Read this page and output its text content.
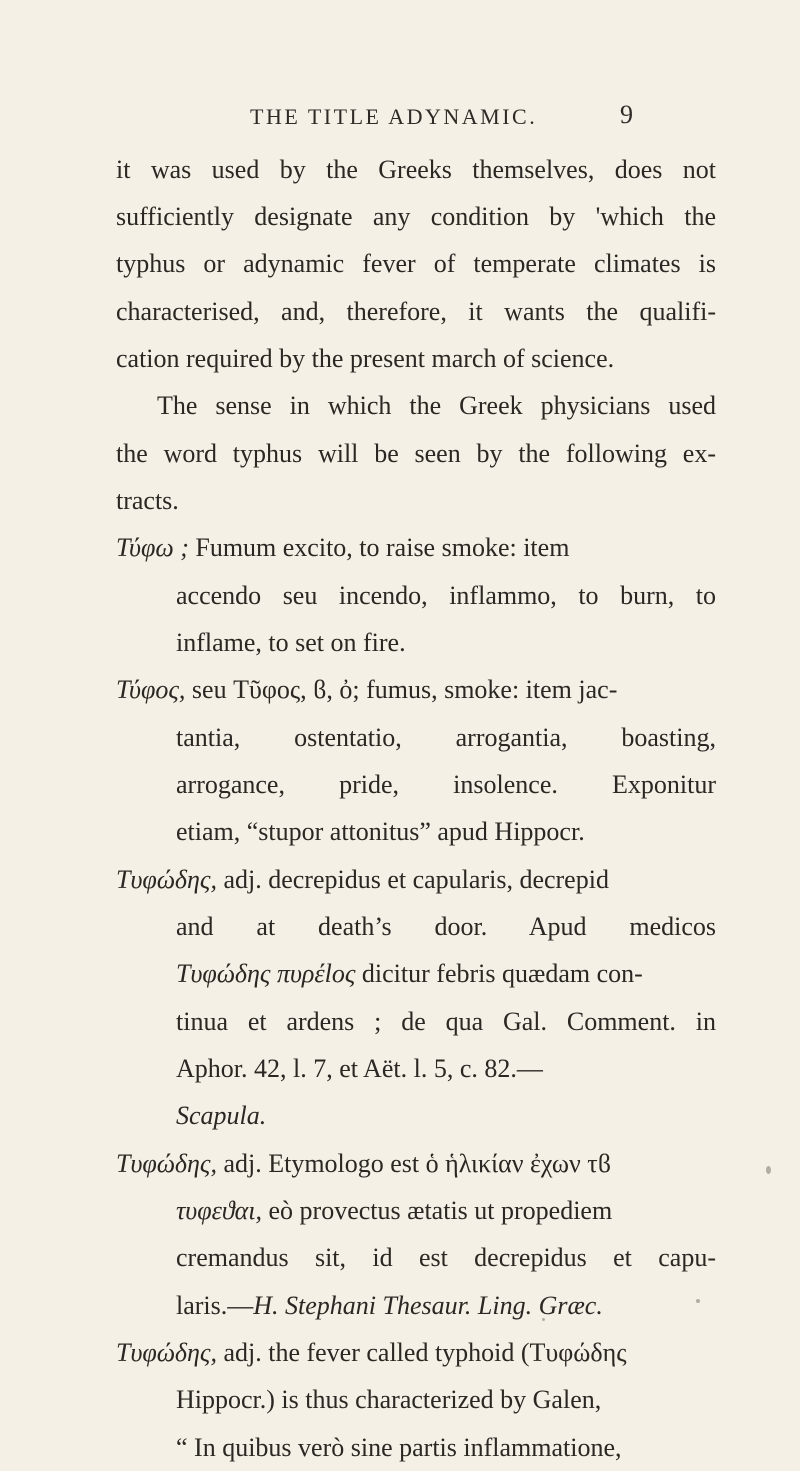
THE TITLE ADYNAMIC.	9
it was used by the Greeks themselves, does not
sufficiently designate any condition by 'which the
typhus or adynamic fever of temperate climates is
characterised, and, therefore, it wants the qualifi-
cation required by the present march of science.
The sense in which the Greek physicians used
the word typhus will be seen by the following ex-
tracts.
Τύφω ; Fumum excito, to raise smoke: item
accendo seu incendo, inflammo, to burn, to
inflame, to set on fire.
Τύφος, seu Τῦφος, ϐ, ὀ; fumus, smoke: item jac-
tantia, ostentatio, arrogantia, boasting,
arrogance, pride, insolence. Exponitur
etiam, “stupor attonitus” apud Hippocr.
Τυφώδης, adj. decrepidus et capularis, decrepid
and at death’s door. Apud medicos
Τυφώδης πυρέlος dicitur febris quædam con-
tinua et ardens ; de qua Gal. Comment. in
Aphor. 42, l. 7, et Aët. l. 5, c. 82.—
Scapula.
Τυφώδης, adj. Etymologo est ὁ ἡλικίαν ἐχων τϐ
τυφεϑαι, eò provectus ætatis ut propediem
cremandus sit, id est decrepidus et capu-
laris.—H. Stephani Thesaur. Ling. Græc.
Τυφώδης, adj. the fever called typhoid (Τυφώδης
Hippocr.) is thus characterized by Galen,
“ In quibus verò sine partis inflammatione,
